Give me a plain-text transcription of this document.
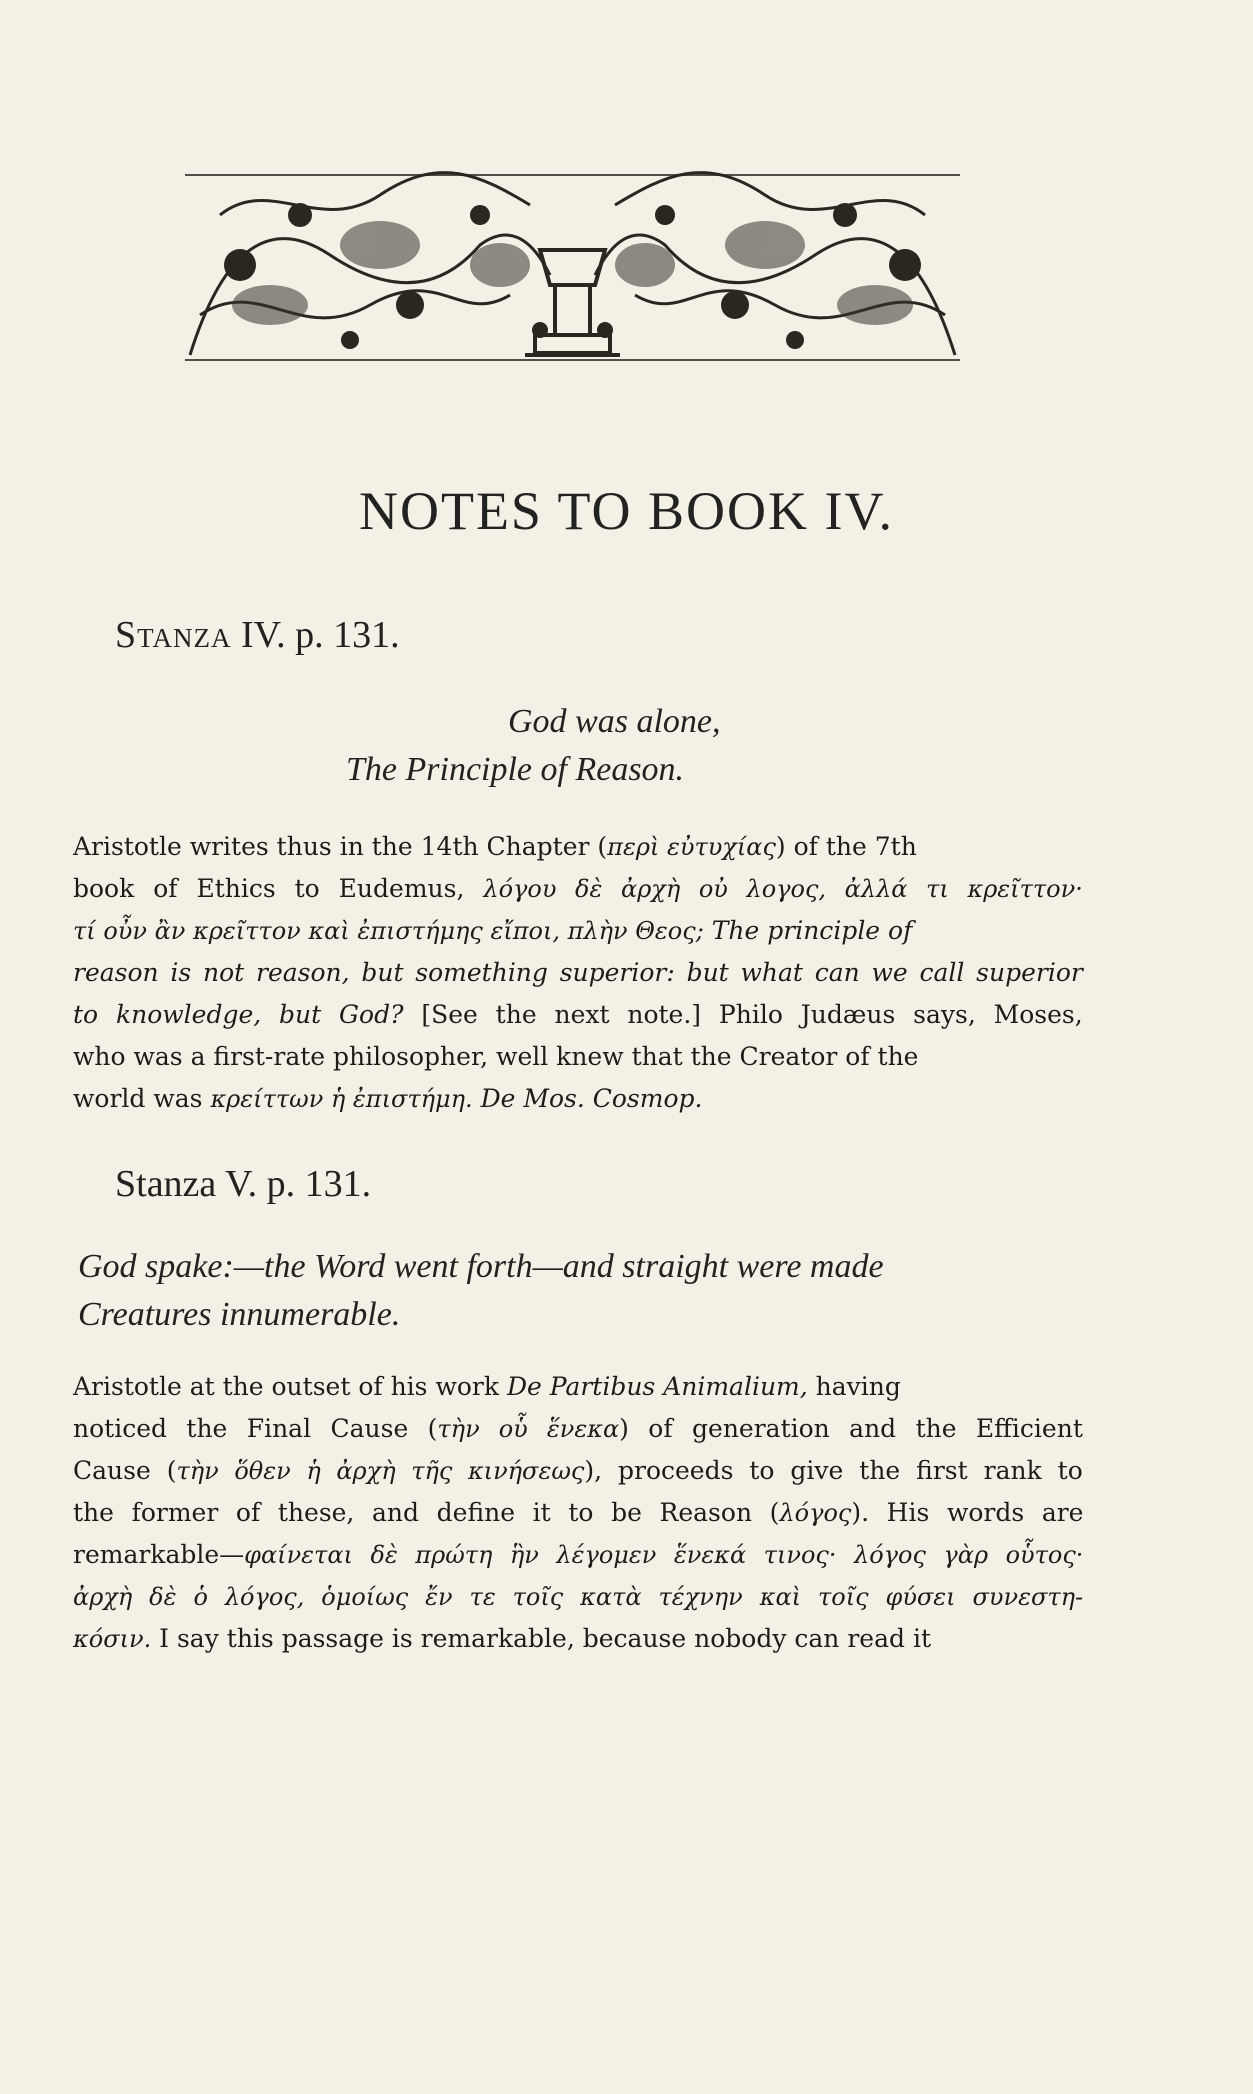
NOTES TO BOOK IV.
Stanza IV. p. 131.
God was alone,
The Principle of Reason.
Aristotle writes thus in the 14th Chapter (περὶ εὐτυχίας) of the 7th
book of Ethics to Eudemus, λόγου δὲ ἀρχὴ οὐ λογος, ἀλλά τι κρεῖττον·
τί οὖν ἂν κρεῖττον καὶ ἐπιστήμης εἴποι, πλὴν Θεος; The principle of
reason is not reason, but something superior: but what can we call superior
to knowledge, but God? [See the next note.] Philo Judæus says, Moses,
who was a first-rate philosopher, well knew that the Creator of the
world was κρείττων ἡ ἐπιστήμη. De Mos. Cosmop.
Stanza V. p. 131.
God spake:—the Word went forth—and straight were made
Creatures innumerable.
Aristotle at the outset of his work De Partibus Animalium, having
noticed the Final Cause (τὴν οὗ ἕνεκα) of generation and the Efficient
Cause (τὴν ὅθεν ἡ ἀρχὴ τῆς κινήσεως), proceeds to give the first rank to
the former of these, and define it to be Reason (λόγος). His words are
remarkable—φαίνεται δὲ πρώτη ἣν λέγομεν ἕνεκά τινος· λόγος γὰρ οὗτος·
ἀρχὴ δὲ ὁ λόγος, ὁμοίως ἔν τε τοῖς κατὰ τέχνην καὶ τοῖς φύσει συνεστη-
κόσιν. I say this passage is remarkable, because nobody can read it
